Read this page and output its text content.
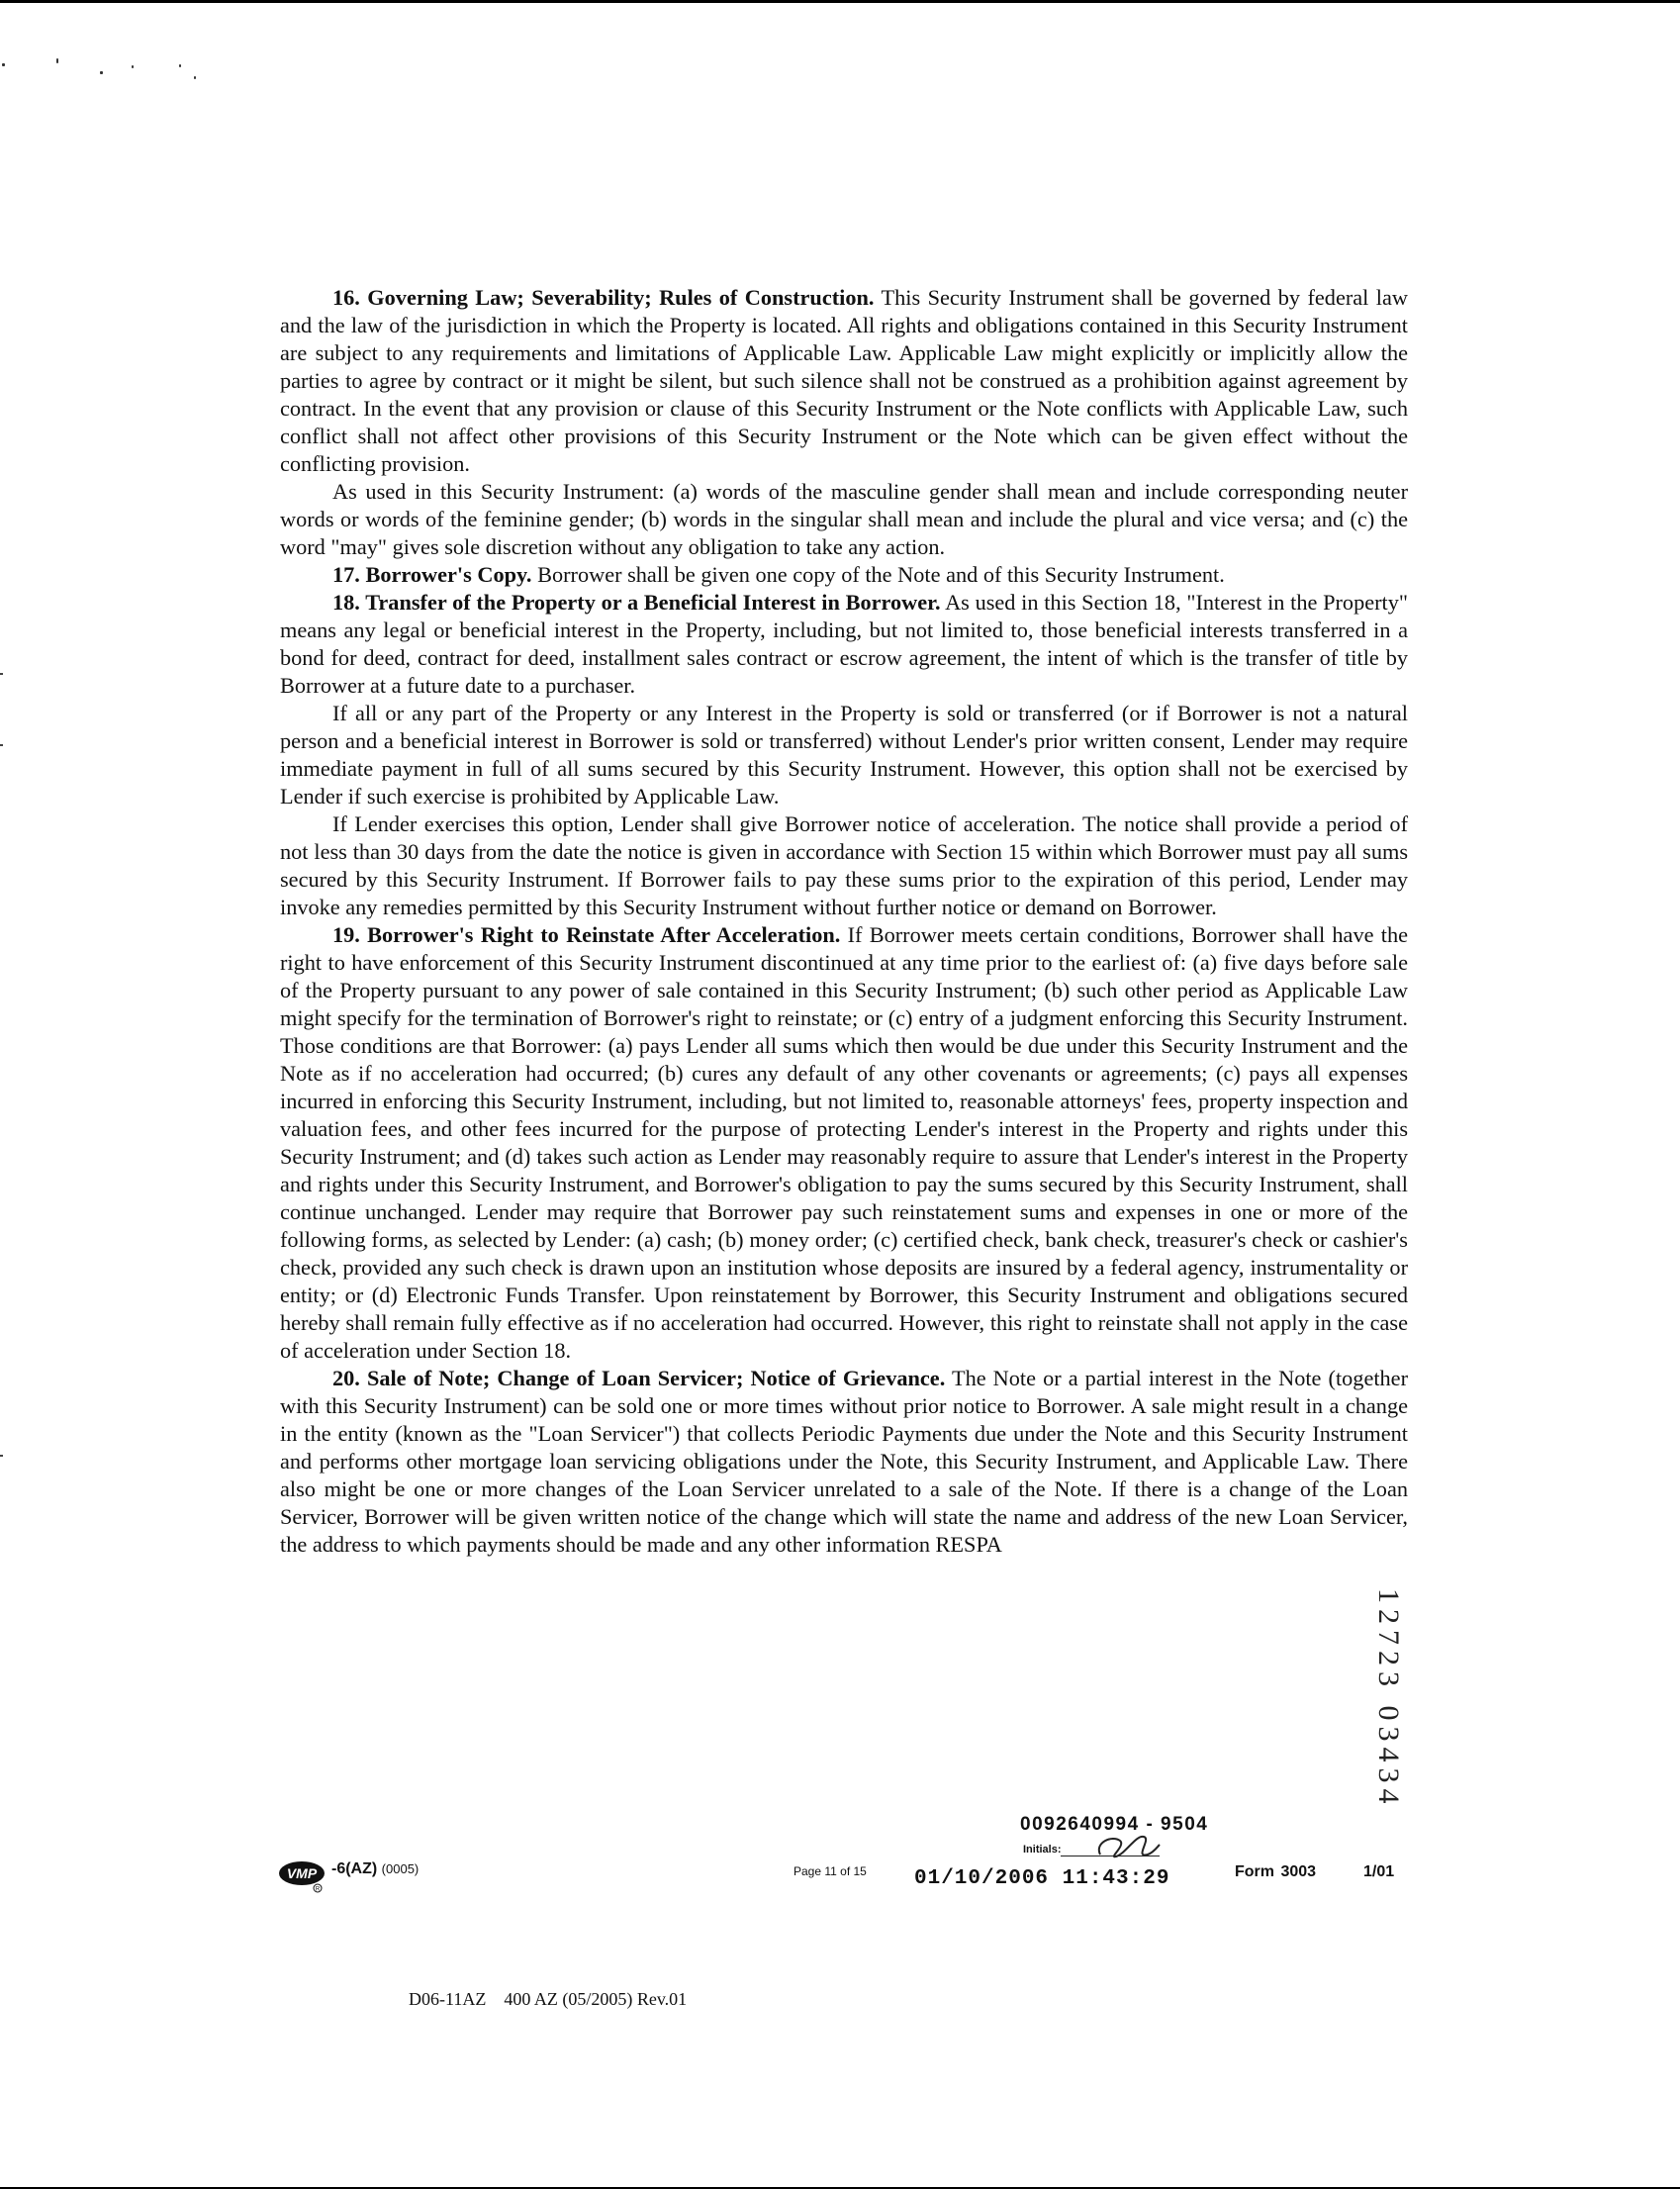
16. Governing Law; Severability; Rules of Construction. This Security Instrument shall be governed by federal law and the law of the jurisdiction in which the Property is located. All rights and obligations contained in this Security Instrument are subject to any requirements and limitations of Applicable Law. Applicable Law might explicitly or implicitly allow the parties to agree by contract or it might be silent, but such silence shall not be construed as a prohibition against agreement by contract. In the event that any provision or clause of this Security Instrument or the Note conflicts with Applicable Law, such conflict shall not affect other provisions of this Security Instrument or the Note which can be given effect without the conflicting provision.

As used in this Security Instrument: (a) words of the masculine gender shall mean and include corresponding neuter words or words of the feminine gender; (b) words in the singular shall mean and include the plural and vice versa; and (c) the word "may" gives sole discretion without any obligation to take any action.

17. Borrower's Copy. Borrower shall be given one copy of the Note and of this Security Instrument.

18. Transfer of the Property or a Beneficial Interest in Borrower. As used in this Section 18, "Interest in the Property" means any legal or beneficial interest in the Property, including, but not limited to, those beneficial interests transferred in a bond for deed, contract for deed, installment sales contract or escrow agreement, the intent of which is the transfer of title by Borrower at a future date to a purchaser.

If all or any part of the Property or any Interest in the Property is sold or transferred (or if Borrower is not a natural person and a beneficial interest in Borrower is sold or transferred) without Lender's prior written consent, Lender may require immediate payment in full of all sums secured by this Security Instrument. However, this option shall not be exercised by Lender if such exercise is prohibited by Applicable Law.

If Lender exercises this option, Lender shall give Borrower notice of acceleration. The notice shall provide a period of not less than 30 days from the date the notice is given in accordance with Section 15 within which Borrower must pay all sums secured by this Security Instrument. If Borrower fails to pay these sums prior to the expiration of this period, Lender may invoke any remedies permitted by this Security Instrument without further notice or demand on Borrower.

19. Borrower's Right to Reinstate After Acceleration. If Borrower meets certain conditions, Borrower shall have the right to have enforcement of this Security Instrument discontinued at any time prior to the earliest of: (a) five days before sale of the Property pursuant to any power of sale contained in this Security Instrument; (b) such other period as Applicable Law might specify for the termination of Borrower's right to reinstate; or (c) entry of a judgment enforcing this Security Instrument. Those conditions are that Borrower: (a) pays Lender all sums which then would be due under this Security Instrument and the Note as if no acceleration had occurred; (b) cures any default of any other covenants or agreements; (c) pays all expenses incurred in enforcing this Security Instrument, including, but not limited to, reasonable attorneys' fees, property inspection and valuation fees, and other fees incurred for the purpose of protecting Lender's interest in the Property and rights under this Security Instrument; and (d) takes such action as Lender may reasonably require to assure that Lender's interest in the Property and rights under this Security Instrument, and Borrower's obligation to pay the sums secured by this Security Instrument, shall continue unchanged. Lender may require that Borrower pay such reinstatement sums and expenses in one or more of the following forms, as selected by Lender: (a) cash; (b) money order; (c) certified check, bank check, treasurer's check or cashier's check, provided any such check is drawn upon an institution whose deposits are insured by a federal agency, instrumentality or entity; or (d) Electronic Funds Transfer. Upon reinstatement by Borrower, this Security Instrument and obligations secured hereby shall remain fully effective as if no acceleration had occurred. However, this right to reinstate shall not apply in the case of acceleration under Section 18.

20. Sale of Note; Change of Loan Servicer; Notice of Grievance. The Note or a partial interest in the Note (together with this Security Instrument) can be sold one or more times without prior notice to Borrower. A sale might result in a change in the entity (known as the "Loan Servicer") that collects Periodic Payments due under the Note and this Security Instrument and performs other mortgage loan servicing obligations under the Note, this Security Instrument, and Applicable Law. There also might be one or more changes of the Loan Servicer unrelated to a sale of the Note. If there is a change of the Loan Servicer, Borrower will be given written notice of the change which will state the name and address of the new Loan Servicer, the address to which payments should be made and any other information RESPA

0092640994 - 9504
Initials:
VMP
R
-6(AZ) (0005)	Page 11 of 15 01/10/2006 11:43:29	Form 3003	1/01
D06-11AZ 400 AZ (05/2005) Rev.01
12723 03434
